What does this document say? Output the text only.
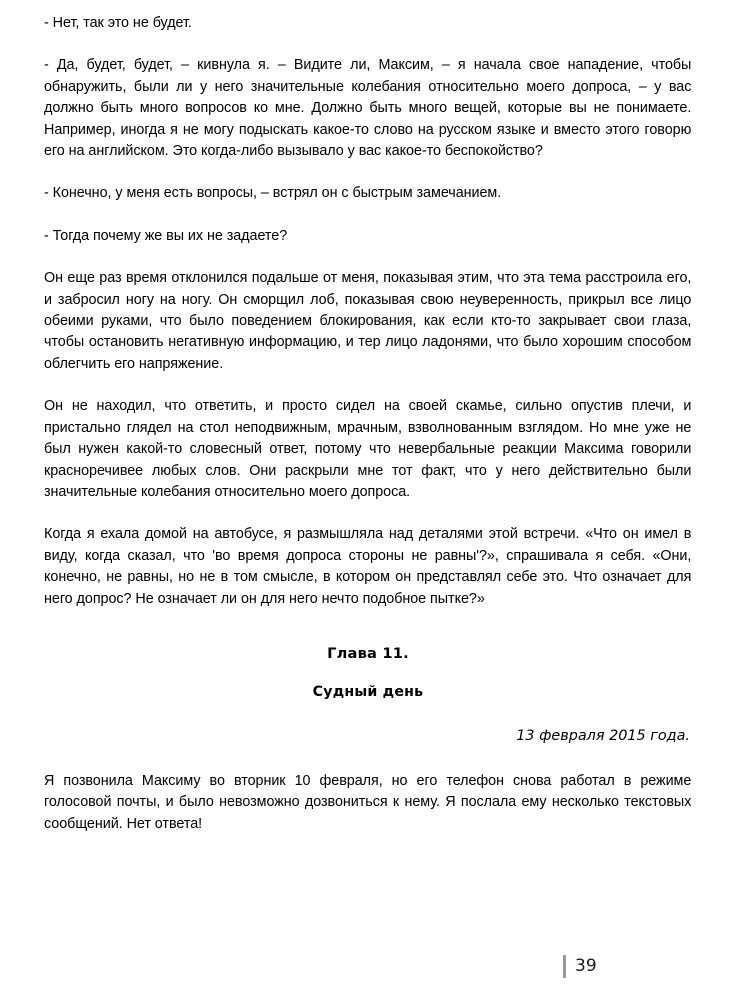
- Нет, так это не будет.

- Да, будет, будет, – кивнула я. – Видите ли, Максим, – я начала свое нападение, чтобы обнаружить, были ли у него значительные колебания относительно моего допроса, – у вас должно быть много вопросов ко мне. Должно быть много вещей, которые вы не понимаете. Например, иногда я не могу подыскать какое-то слово на русском языке и вместо этого говорю его на английском. Это когда-либо вызывало у вас какое-то беспокойство?

- Конечно, у меня есть вопросы, – встрял он с быстрым замечанием.

- Тогда почему же вы их не задаете?

Он еще раз время отклонился подальше от меня, показывая этим, что эта тема расстроила его, и забросил ногу на ногу. Он сморщил лоб, показывая свою неуверенность, прикрыл все лицо обеими руками, что было поведением блокирования, как если кто-то закрывает свои глаза, чтобы остановить негативную информацию, и тер лицо ладонями, что было хорошим способом облегчить его напряжение.

Он не находил, что ответить, и просто сидел на своей скамье, сильно опустив плечи, и пристально глядел на стол неподвижным, мрачным, взволнованным взглядом. Но мне уже не был нужен какой-то словесный ответ, потому что невербальные реакции Максима говорили красноречивее любых слов. Они раскрыли мне тот факт, что у него действительно были значительные колебания относительно моего допроса.

Когда я ехала домой на автобусе, я размышляла над деталями этой встречи. «Что он имел в виду, когда сказал, что 'во время допроса стороны не равны'?», спрашивала я себя. «Они, конечно, не равны, но не в том смысле, в котором он представлял себе это. Что означает для него допрос? Не означает ли он для него нечто подобное пытке?»

Глава 11.
Судный день

13 февраля 2015 года.

Я позвонила Максиму во вторник 10 февраля, но его телефон снова работал в режиме голосовой почты, и было невозможно дозвониться к нему. Я послала ему несколько текстовых сообщений. Нет ответа!

39
